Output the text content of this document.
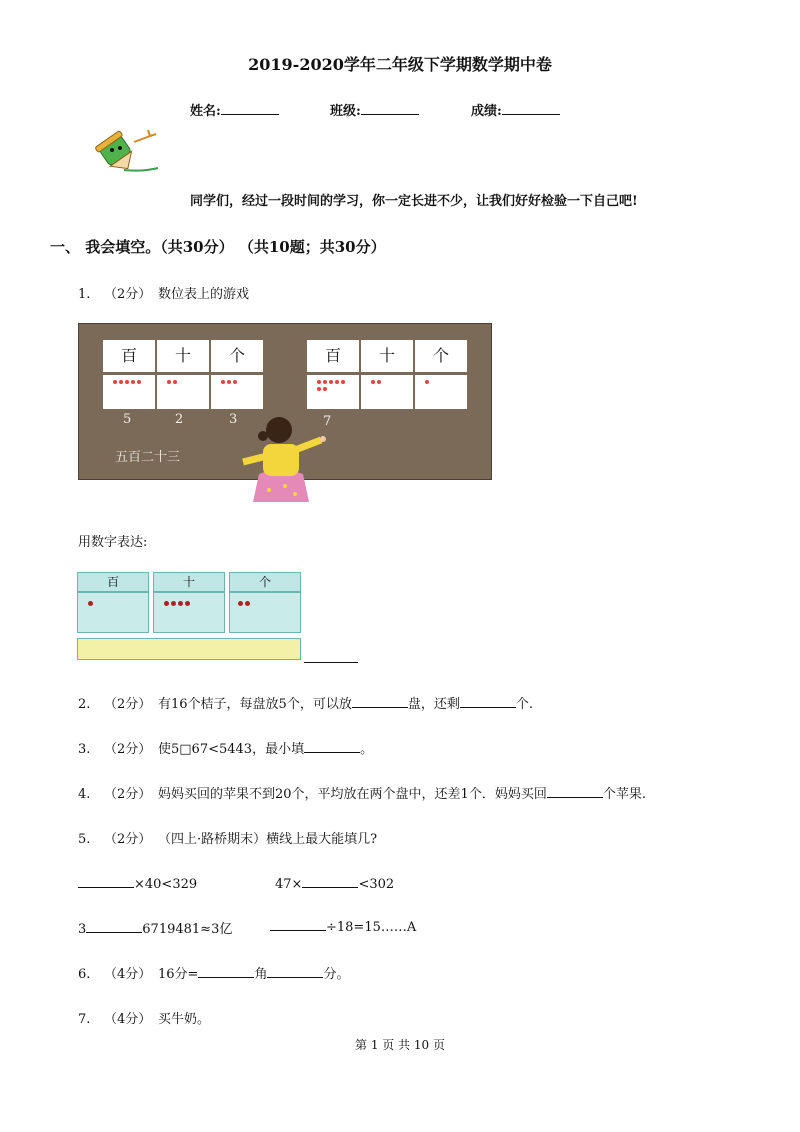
2019-2020学年二年级下学期数学期中卷
姓名:	班级:	成绩:
同学们，经过一段时间的学习，你一定长进不少，让我们好好检验一下自己吧!
一、 我会填空。（共30分） （共10题；共30分）
1. （2分） 数位表上的游戏
百	十	个
5	2	3
百	十	个
7
五百二十三
用数字表达:
百	十	个
2. （2分） 有16个桔子，每盘放5个，可以放	盘，还剩	个.
3. （2分） 使5□67<5443，最小填	。
4. （2分） 妈妈买回的苹果不到20个，平均放在两个盘中，还差1个．妈妈买回	个苹果.
5. （2分） （四上·路桥期末）横线上最大能填几?
×40<329	47×	<302
3	6719481≈3亿	÷18=15……A
6. （4分） 16分=	角	分。
7. （4分） 买牛奶。
第 1 页 共 10 页
